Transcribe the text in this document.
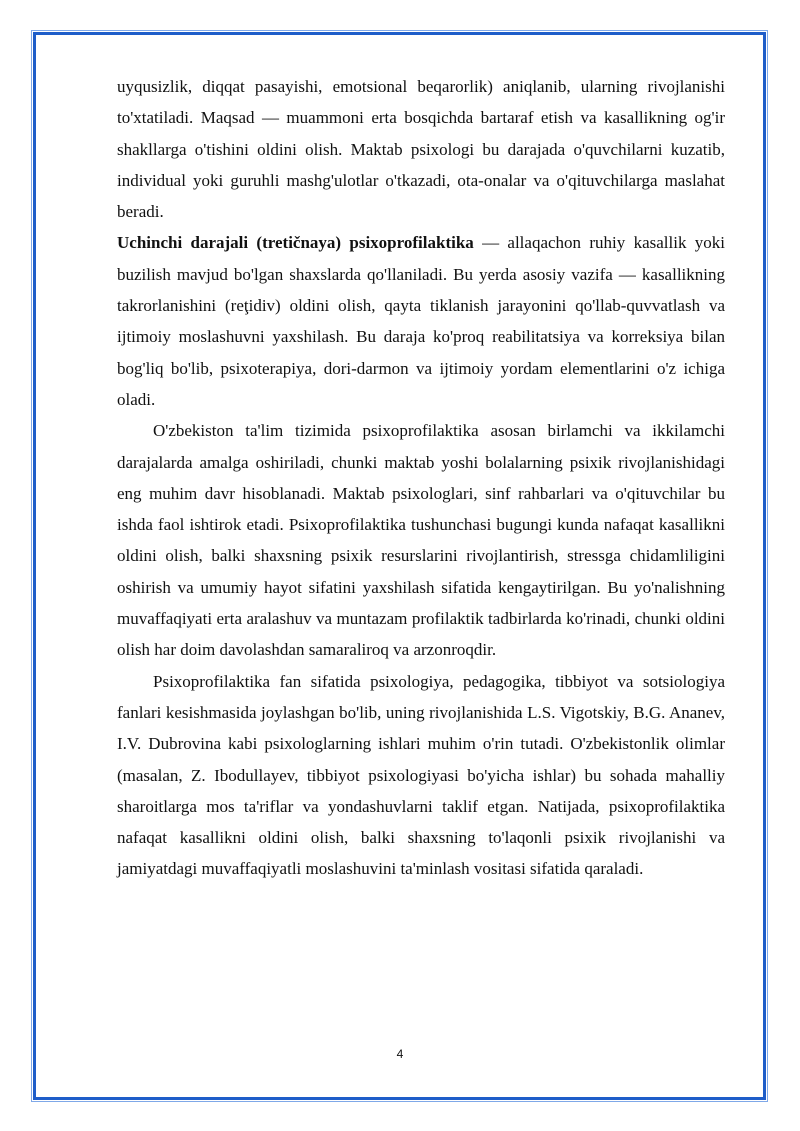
uyqusizlik, diqqat pasayishi, emotsional beqarorlik) aniqlanib, ularning rivojlanishi to'xtatiladi. Maqsad — muammoni erta bosqichda bartaraf etish va kasallikning og'ir shakllarga o'tishini oldini olish. Maktab psixologi bu darajada o'quvchilarni kuzatib, individual yoki guruhli mashg'ulotlar o'tkazadi, ota-onalar va o'qituvchilarga maslahat beradi.

Uchinchi darajali (tretičnaya) psixoprofilaktika — allaqachon ruhiy kasallik yoki buzilish mavjud bo'lgan shaxslarda qo'llaniladi. Bu yerda asosiy vazifa — kasallikning takrorlanishini (reţidiv) oldini olish, qayta tiklanish jarayonini qo'llab-quvvatlash va ijtimoiy moslashuvni yaxshilash. Bu daraja ko'proq reabilitatsiya va korreksiya bilan bog'liq bo'lib, psixoterapiya, dori-darmon va ijtimoiy yordam elementlarini o'z ichiga oladi.

O'zbekiston ta'lim tizimida psixoprofilaktika asosan birlamchi va ikkilamchi darajalarda amalga oshiriladi, chunki maktab yoshi bolalarning psixik rivojlanishidagi eng muhim davr hisoblanadi. Maktab psixologlari, sinf rahbarlari va o'qituvchilar bu ishda faol ishtirok etadi. Psixoprofilaktika tushunchasi bugungi kunda nafaqat kasallikni oldini olish, balki shaxsning psixik resurslarini rivojlantirish, stressga chidamliligini oshirish va umumiy hayot sifatini yaxshilash sifatida kengaytirilgan. Bu yo'nalishning muvaffaqiyati erta aralashuv va muntazam profilaktik tadbirlarda ko'rinadi, chunki oldini olish har doim davolashdan samaraliroq va arzonroqdir.

Psixoprofilaktika fan sifatida psixologiya, pedagogika, tibbiyot va sotsiologiya fanlari kesishmasida joylashgan bo'lib, uning rivojlanishida L.S. Vigotskiy, B.G. Ananev, I.V. Dubrovina kabi psixologlarning ishlari muhim o'rin tutadi. O'zbekistonlik olimlar (masalan, Z. Ibodullayev, tibbiyot psixologiyasi bo'yicha ishlar) bu sohada mahalliy sharoitlarga mos ta'riflar va yondashuvlarni taklif etgan. Natijada, psixoprofilaktika nafaqat kasallikni oldini olish, balki shaxsning to'laqonli psixik rivojlanishi va jamiyatdagi muvaffaqiyatli moslashuvini ta'minlash vositasi sifatida qaraladi.

4
